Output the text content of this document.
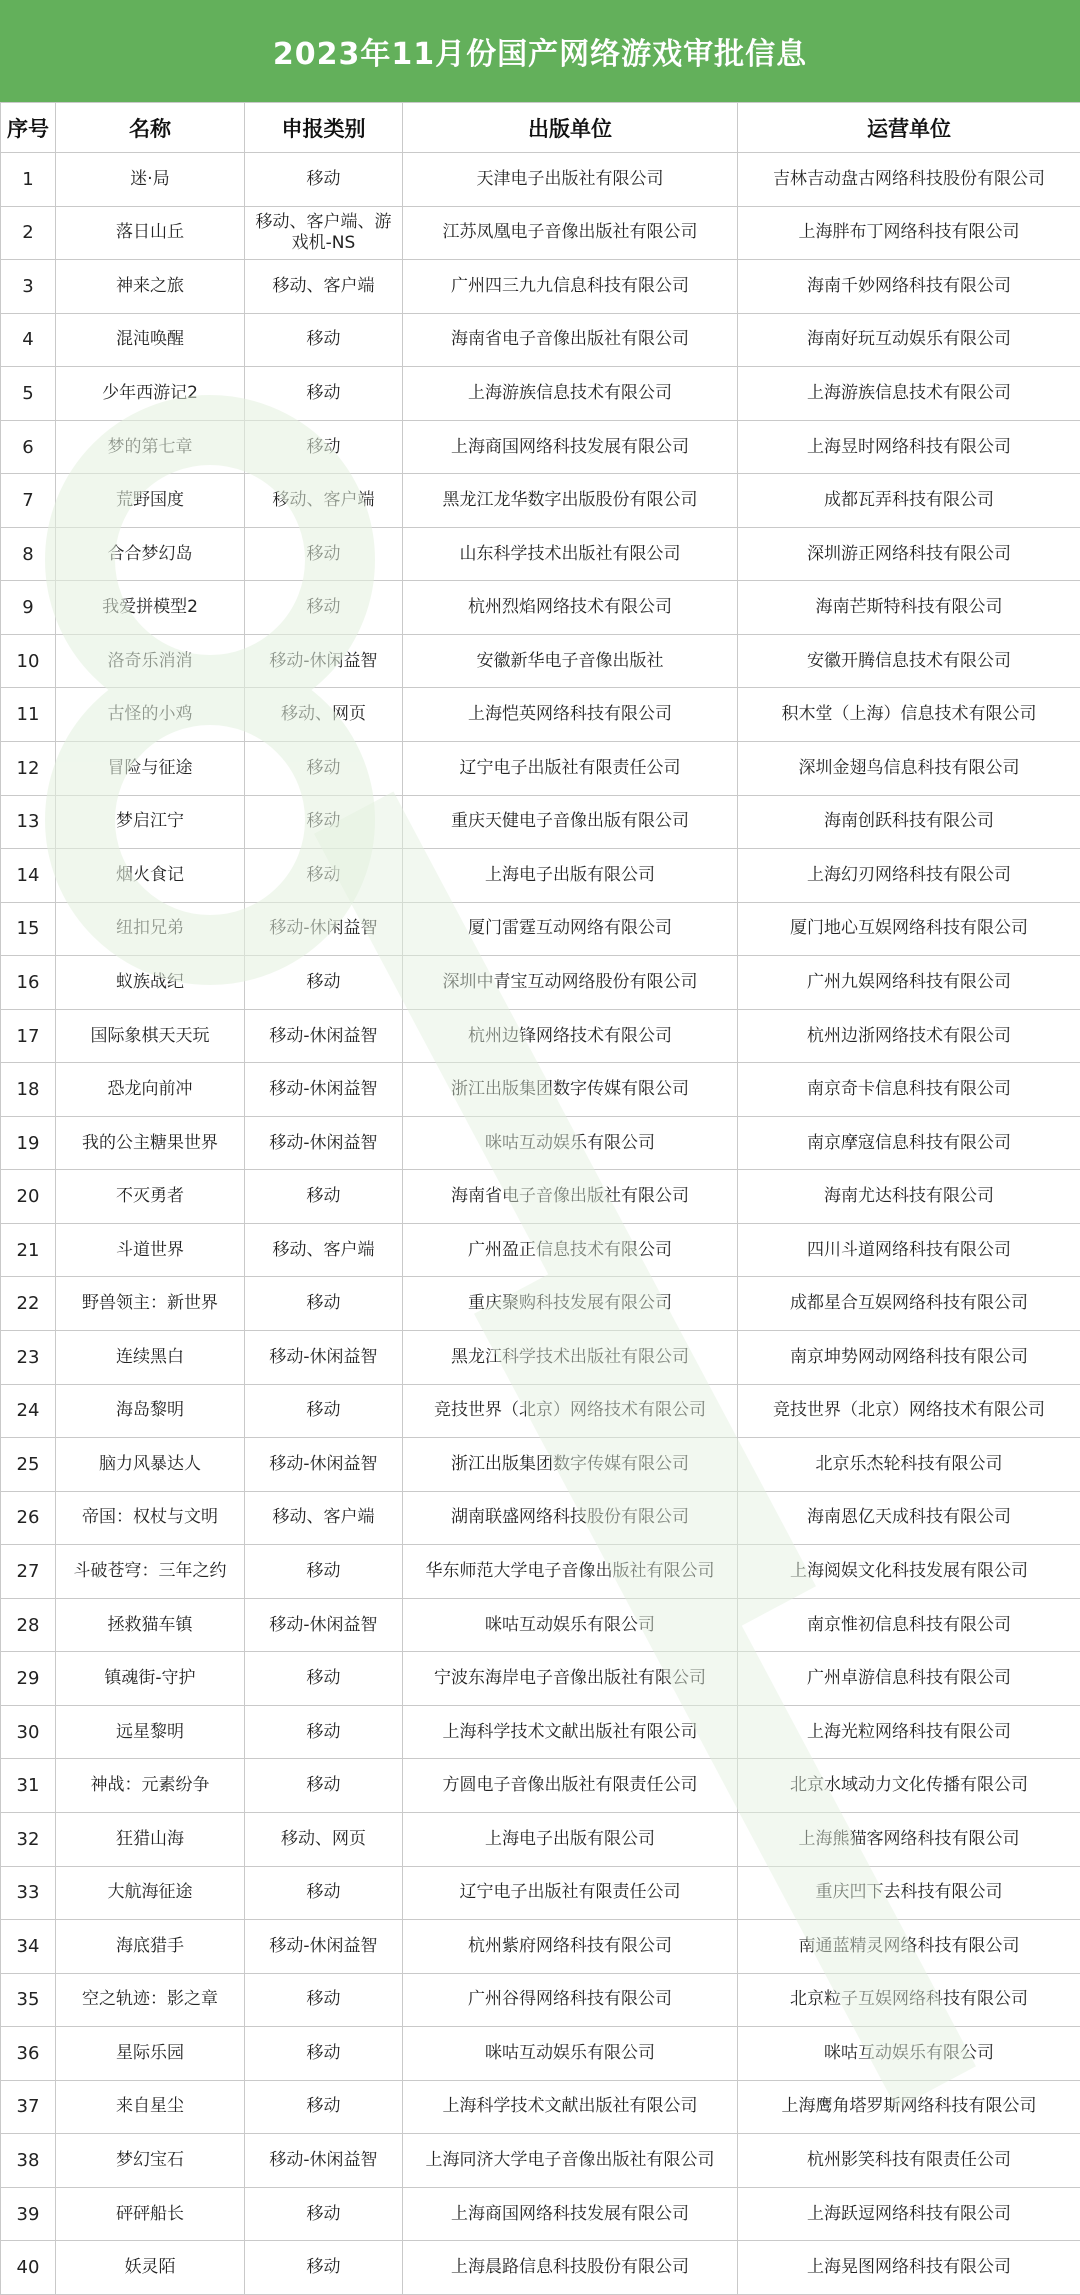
2023年11月份国产网络游戏审批信息
序号	名称	申报类别	出版单位	运营单位
1	迷·局	移动	天津电子出版社有限公司	吉林吉动盘古网络科技股份有限公司
2	落日山丘	移动、客户端、游戏机-NS	江苏凤凰电子音像出版社有限公司	上海胖布丁网络科技有限公司
3	神来之旅	移动、客户端	广州四三九九信息科技有限公司	海南千妙网络科技有限公司
4	混沌唤醒	移动	海南省电子音像出版社有限公司	海南好玩互动娱乐有限公司
5	少年西游记2	移动	上海游族信息技术有限公司	上海游族信息技术有限公司
6	梦的第七章	移动	上海商国网络科技发展有限公司	上海昱时网络科技有限公司
7	荒野国度	移动、客户端	黑龙江龙华数字出版股份有限公司	成都瓦弄科技有限公司
8	合合梦幻岛	移动	山东科学技术出版社有限公司	深圳游正网络科技有限公司
9	我爱拼模型2	移动	杭州烈焰网络技术有限公司	海南芒斯特科技有限公司
10	洛奇乐消消	移动-休闲益智	安徽新华电子音像出版社	安徽开腾信息技术有限公司
11	古怪的小鸡	移动、网页	上海恺英网络科技有限公司	积木堂（上海）信息技术有限公司
12	冒险与征途	移动	辽宁电子出版社有限责任公司	深圳金翅鸟信息科技有限公司
13	梦启江宁	移动	重庆天健电子音像出版有限公司	海南创跃科技有限公司
14	烟火食记	移动	上海电子出版有限公司	上海幻刃网络科技有限公司
15	纽扣兄弟	移动-休闲益智	厦门雷霆互动网络有限公司	厦门地心互娱网络科技有限公司
16	蚁族战纪	移动	深圳中青宝互动网络股份有限公司	广州九娱网络科技有限公司
17	国际象棋天天玩	移动-休闲益智	杭州边锋网络技术有限公司	杭州边浙网络技术有限公司
18	恐龙向前冲	移动-休闲益智	浙江出版集团数字传媒有限公司	南京奇卡信息科技有限公司
19	我的公主糖果世界	移动-休闲益智	咪咕互动娱乐有限公司	南京摩寇信息科技有限公司
20	不灭勇者	移动	海南省电子音像出版社有限公司	海南尤达科技有限公司
21	斗道世界	移动、客户端	广州盈正信息技术有限公司	四川斗道网络科技有限公司
22	野兽领主：新世界	移动	重庆聚购科技发展有限公司	成都星合互娱网络科技有限公司
23	连续黑白	移动-休闲益智	黑龙江科学技术出版社有限公司	南京坤势网动网络科技有限公司
24	海岛黎明	移动	竞技世界（北京）网络技术有限公司	竞技世界（北京）网络技术有限公司
25	脑力风暴达人	移动-休闲益智	浙江出版集团数字传媒有限公司	北京乐杰轮科技有限公司
26	帝国：权杖与文明	移动、客户端	湖南联盛网络科技股份有限公司	海南恩亿天成科技有限公司
27	斗破苍穹：三年之约	移动	华东师范大学电子音像出版社有限公司	上海阅娱文化科技发展有限公司
28	拯救猫车镇	移动-休闲益智	咪咕互动娱乐有限公司	南京惟初信息科技有限公司
29	镇魂街-守护	移动	宁波东海岸电子音像出版社有限公司	广州卓游信息科技有限公司
30	远星黎明	移动	上海科学技术文献出版社有限公司	上海光粒网络科技有限公司
31	神战：元素纷争	移动	方圆电子音像出版社有限责任公司	北京水域动力文化传播有限公司
32	狂猎山海	移动、网页	上海电子出版有限公司	上海熊猫客网络科技有限公司
33	大航海征途	移动	辽宁电子出版社有限责任公司	重庆凹下去科技有限公司
34	海底猎手	移动-休闲益智	杭州紫府网络科技有限公司	南通蓝精灵网络科技有限公司
35	空之轨迹：影之章	移动	广州谷得网络科技有限公司	北京粒子互娱网络科技有限公司
36	星际乐园	移动	咪咕互动娱乐有限公司	咪咕互动娱乐有限公司
37	来自星尘	移动	上海科学技术文献出版社有限公司	上海鹰角塔罗斯网络科技有限公司
38	梦幻宝石	移动-休闲益智	上海同济大学电子音像出版社有限公司	杭州影笑科技有限责任公司
39	砰砰船长	移动	上海商国网络科技发展有限公司	上海跃逗网络科技有限公司
40	妖灵陌	移动	上海晨路信息科技股份有限公司	上海晃图网络科技有限公司
